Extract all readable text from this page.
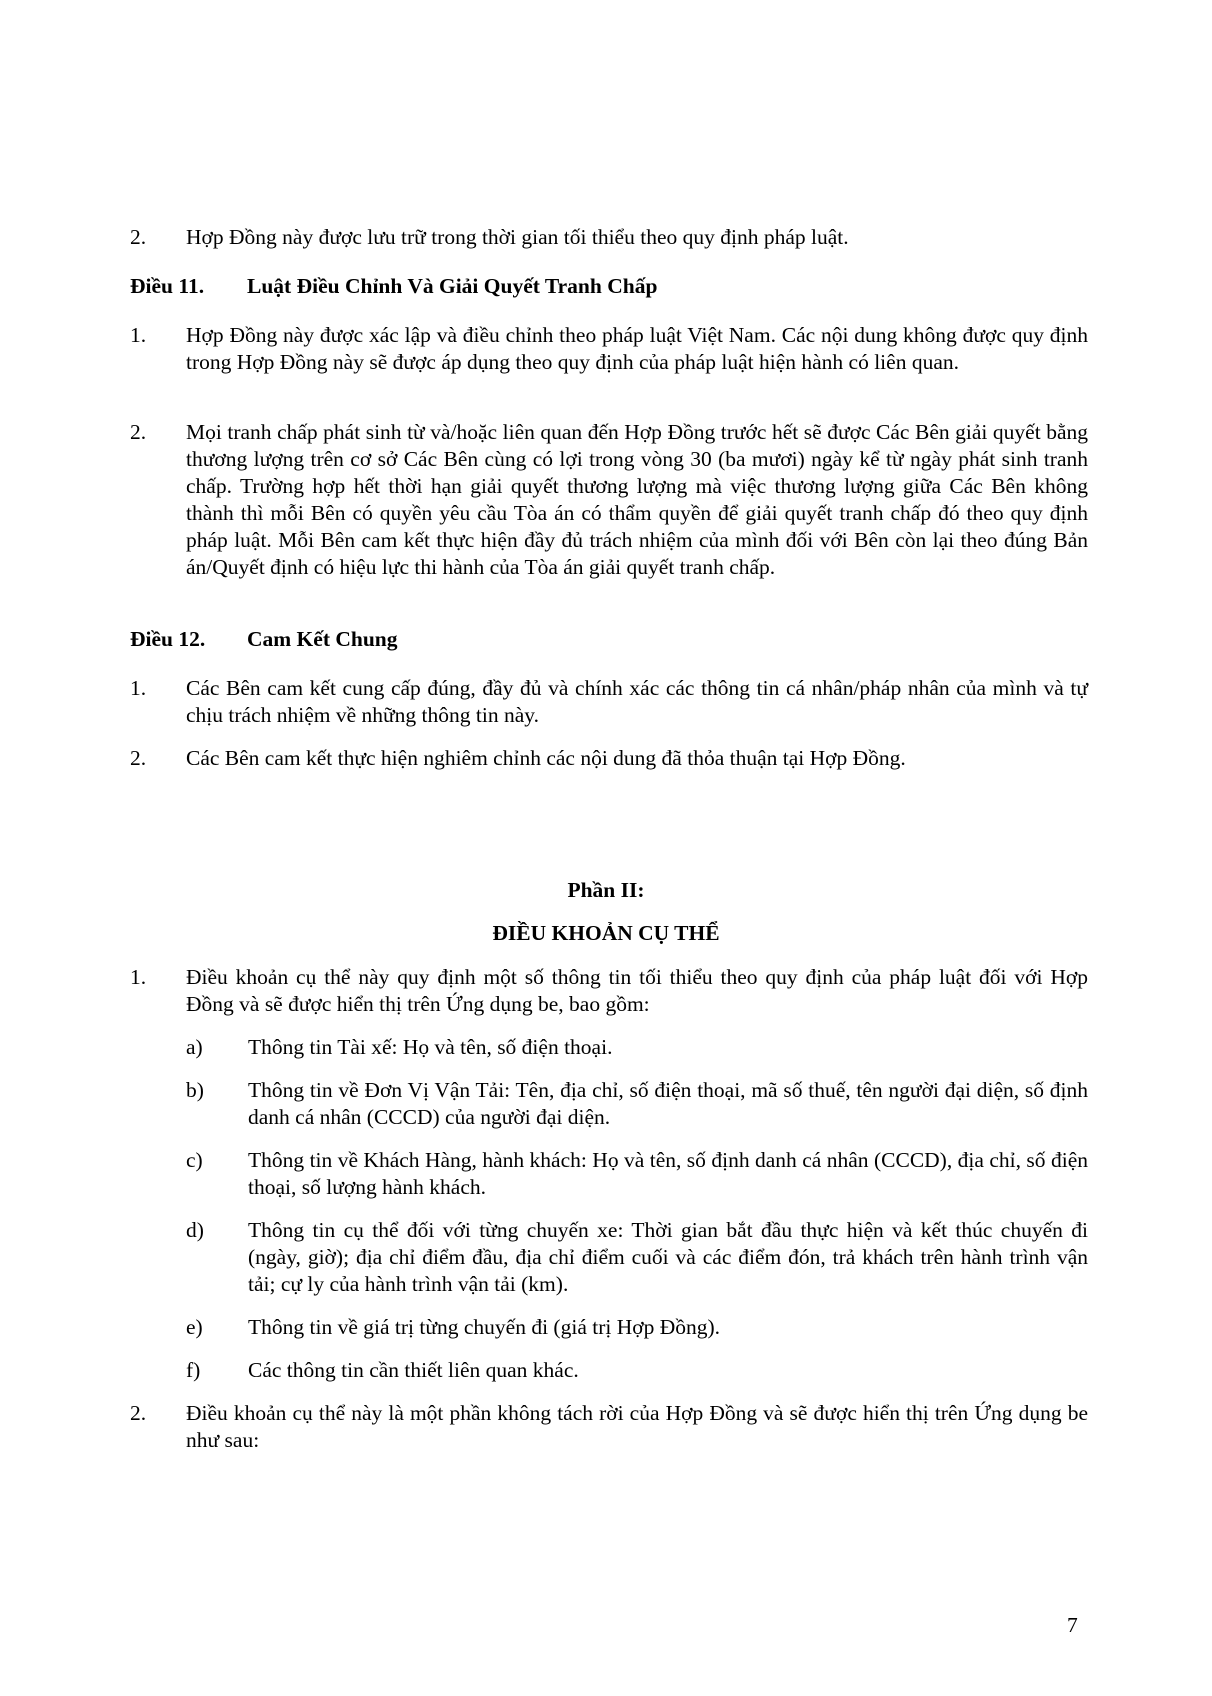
2. Hợp Đồng này được lưu trữ trong thời gian tối thiểu theo quy định pháp luật.
Điều 11. Luật Điều Chỉnh Và Giải Quyết Tranh Chấp
1. Hợp Đồng này được xác lập và điều chỉnh theo pháp luật Việt Nam. Các nội dung không được quy định trong Hợp Đồng này sẽ được áp dụng theo quy định của pháp luật hiện hành có liên quan.
2. Mọi tranh chấp phát sinh từ và/hoặc liên quan đến Hợp Đồng trước hết sẽ được Các Bên giải quyết bằng thương lượng trên cơ sở Các Bên cùng có lợi trong vòng 30 (ba mươi) ngày kể từ ngày phát sinh tranh chấp. Trường hợp hết thời hạn giải quyết thương lượng mà việc thương lượng giữa Các Bên không thành thì mỗi Bên có quyền yêu cầu Tòa án có thẩm quyền để giải quyết tranh chấp đó theo quy định pháp luật. Mỗi Bên cam kết thực hiện đầy đủ trách nhiệm của mình đối với Bên còn lại theo đúng Bản án/Quyết định có hiệu lực thi hành của Tòa án giải quyết tranh chấp.
Điều 12. Cam Kết Chung
1. Các Bên cam kết cung cấp đúng, đầy đủ và chính xác các thông tin cá nhân/pháp nhân của mình và tự chịu trách nhiệm về những thông tin này.
2. Các Bên cam kết thực hiện nghiêm chỉnh các nội dung đã thỏa thuận tại Hợp Đồng.
Phần II:
ĐIỀU KHOẢN CỤ THỂ
1. Điều khoản cụ thể này quy định một số thông tin tối thiểu theo quy định của pháp luật đối với Hợp Đồng và sẽ được hiển thị trên Ứng dụng be, bao gồm:
a) Thông tin Tài xế: Họ và tên, số điện thoại.
b) Thông tin về Đơn Vị Vận Tải: Tên, địa chỉ, số điện thoại, mã số thuế, tên người đại diện, số định danh cá nhân (CCCD) của người đại diện.
c) Thông tin về Khách Hàng, hành khách: Họ và tên, số định danh cá nhân (CCCD), địa chỉ, số điện thoại, số lượng hành khách.
d) Thông tin cụ thể đối với từng chuyến xe: Thời gian bắt đầu thực hiện và kết thúc chuyến đi (ngày, giờ); địa chỉ điểm đầu, địa chỉ điểm cuối và các điểm đón, trả khách trên hành trình vận tải; cự ly của hành trình vận tải (km).
e) Thông tin về giá trị từng chuyến đi (giá trị Hợp Đồng).
f) Các thông tin cần thiết liên quan khác.
2. Điều khoản cụ thể này là một phần không tách rời của Hợp Đồng và sẽ được hiển thị trên Ứng dụng be như sau:
7
